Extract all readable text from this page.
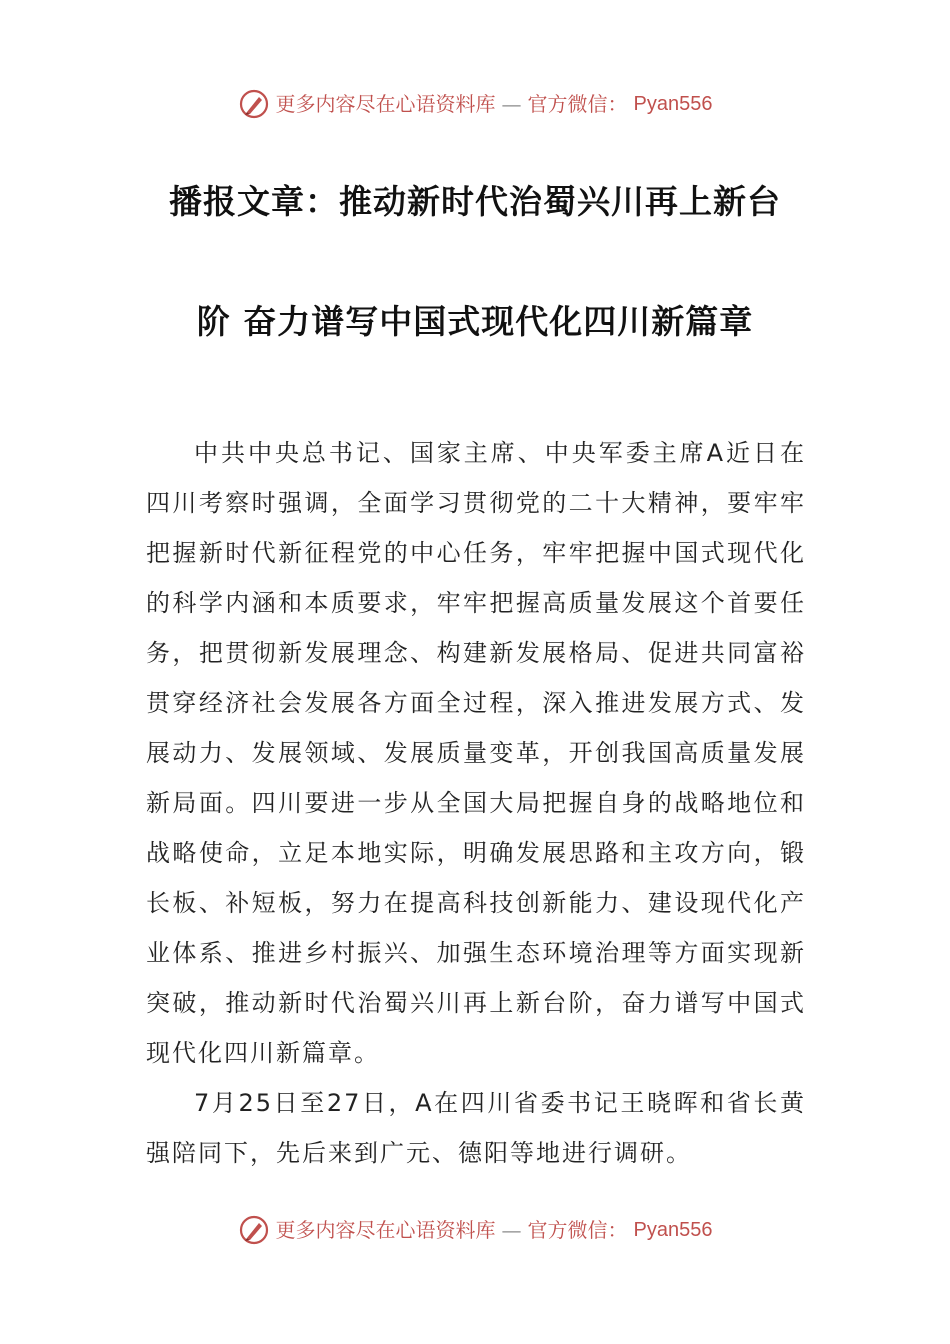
更多内容尽在心语资料库 — 官方微信： Pyan556
播报文章：推动新时代治蜀兴川再上新台
阶 奋力谱写中国式现代化四川新篇章

中共中央总书记、国家主席、中央军委主席A近日在四川考察时强调，全面学习贯彻党的二十大精神，要牢牢把握新时代新征程党的中心任务，牢牢把握中国式现代化的科学内涵和本质要求，牢牢把握高质量发展这个首要任务，把贯彻新发展理念、构建新发展格局、促进共同富裕贯穿经济社会发展各方面全过程，深入推进发展方式、发展动力、发展领域、发展质量变革，开创我国高质量发展新局面。四川要进一步从全国大局把握自身的战略地位和战略使命，立足本地实际，明确发展思路和主攻方向，锻长板、补短板，努力在提高科技创新能力、建设现代化产业体系、推进乡村振兴、加强生态环境治理等方面实现新突破，推动新时代治蜀兴川再上新台阶，奋力谱写中国式现代化四川新篇章。

7月25日至27日，A在四川省委书记王晓晖和省长黄强陪同下，先后来到广元、德阳等地进行调研。

更多内容尽在心语资料库 — 官方微信： Pyan556
